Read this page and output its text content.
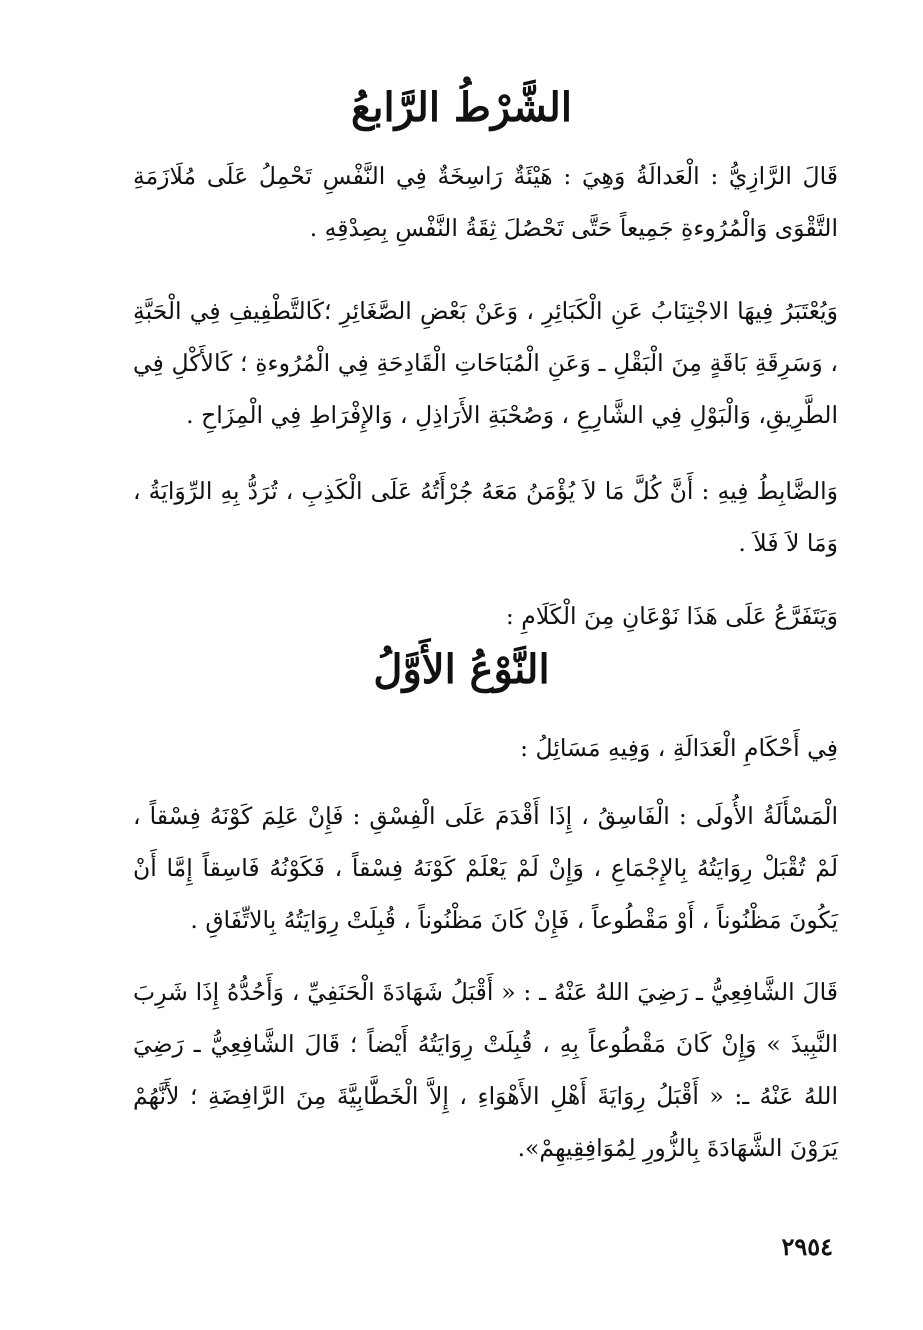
الشَّرْطُ الرَّابعُ
قَالَ الرَّازِيُّ : الْعَدالَةُ وَهِيَ : هَيْئَةٌ رَاسِخَةٌ فِي النَّفْسِ تَحْمِلُ عَلَى مُلَازَمَةِ التَّقْوَى وَالْمُرُوءةِ جَمِيعاً حَتَّى تَحْصُلَ ثِقَةُ النَّفْسِ بِصِدْقِهِ .
وَيُعْتَبَرُ فِيهَا الاجْتِنَابُ عَنِ الْكَبَائِرِ ، وَعَنْ بَعْضِ الصَّغَائِرِ ؛كَالتَّطْفِيفِ فِي الْحَبَّةِ ، وَسَرِقَةِ بَاقَةٍ مِنَ الْبَقْلِ ـ وَعَنِ الْمُبَاحَاتِ الْقَادِحَةِ فِي الْمُرُوءةِ ؛ كَالأَكْلِ فِي الطَّرِيقِ، وَالْبَوْلِ فِي الشَّارِعِ ، وَصُحْبَةِ الأَرَاذِلِ ، وَالإِفْرَاطِ فِي الْمِزَاحِ .
وَالضَّابِطُ فِيهِ : أَنَّ كُلَّ مَا لاَ يُؤْمَنُ مَعَهُ جُرْأَتُهُ عَلَى الْكَذِبِ ، تُرَدُّ بِهِ الرِّوَايَةُ ، وَمَا لاَ فَلاَ .
وَيَتَفَرَّعُ عَلَى هَذَا نَوْعَانِ مِنَ الْكَلَامِ :
النَّوْعُ الأَوَّلُ
فِي أَحْكَامِ الْعَدَالَةِ ، وَفِيهِ مَسَائِلُ :
الْمَسْأَلَةُ الأُولَى : الْفَاسِقُ ، إِذَا أَقْدَمَ عَلَى الْفِسْقِ : فَإِنْ عَلِمَ كَوْنَهُ فِسْقاً ، لَمْ تُقْبَلْ رِوَايَتُهُ بِالإِجْمَاعِ ، وَإِنْ لَمْ يَعْلَمْ كَوْنَهُ فِسْقاً ، فَكَوْنُهُ فَاسِقاً إِمَّا أَنْ يَكُونَ مَظْنُوناً ، أَوْ مَقْطُوعاً ، فَإِنْ كَانَ مَظْنُوناً ، قُبِلَتْ رِوَايَتُهُ بِالاتِّفَاقِ .
قَالَ الشَّافِعِيُّ ـ رَضِيَ اللهُ عَنْهُ ـ : « أَقْبَلُ شَهَادَةَ الْحَنَفِيِّ ، وَأَحُدُّهُ إِذَا شَرِبَ النَّبِيذَ » وَإِنْ كَانَ مَقْطُوعاً بِهِ ، قُبِلَتْ رِوَايَتُهُ أَيْضاً ؛ قَالَ الشَّافِعِيُّ ـ رَضِيَ اللهُ عَنْهُ ـ: « أَقْبَلُ رِوَايَةَ أَهْلِ الأَهْوَاءِ ، إِلاَّ الْخَطَّابِيَّةَ مِنَ الرَّافِضَةِ ؛ لأَنَّهُمْ يَرَوْنَ الشَّهَادَةَ بِالزُّورِ لِمُوَافِقِيهِمْ».
٢٩٥٤
